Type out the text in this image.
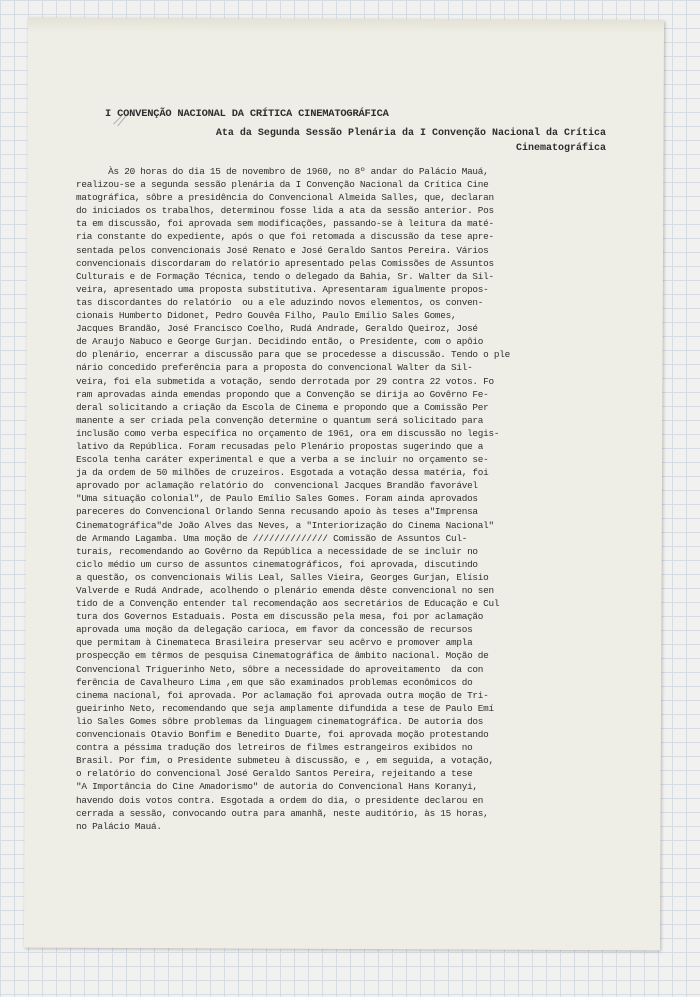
I CONVENÇÃO NACIONAL DA CRÍTICA CINEMATOGRÁFICA
Ata da Segunda Sessão Plenária da I Convenção Nacional da Crítica
Cinematográfica
Às 20 horas do dia 15 de novembro de 1960, no 8º andar do Palácio Mauá,
realizou-se a segunda sessão plenária da I Convenção Nacional da Crítica Cine
matográfica, sôbre a presidência do Convencional Almeida Salles, que, declaran
do iniciados os trabalhos, determinou fosse lida a ata da sessão anterior. Pos
ta em discussão, foi aprovada sem modificações, passando-se à leitura da maté-
ria constante do expediente, após o que foi retomada a discussão da tese apre-
sentada pelos convencionais José Renato e José Geraldo Santos Pereira. Vários
convencionais discordaram do relatório apresentado pelas Comissões de Assuntos
Culturais e de Formação Técnica, tendo o delegado da Bahia, Sr. Walter da Sil-
veira, apresentado uma proposta substitutiva. Apresentaram igualmente propos-
tas discordantes do relatório  ou a ele aduzindo novos elementos, os conven-
cionais Humberto Didonet, Pedro Gouvêa Filho, Paulo Emílio Sales Gomes,
Jacques Brandão, José Francisco Coelho, Rudá Andrade, Geraldo Queiroz, José
de Araujo Nabuco e George Gurjan. Decidindo então, o Presidente, com o apôio
do plenário, encerrar a discussão para que se procedesse a discussão. Tendo o ple
nário concedido preferência para a proposta do convencional Walter da Sil-
veira, foi ela submetida a votação, sendo derrotada por 29 contra 22 votos. Fo
ram aprovadas ainda emendas propondo que a Convenção se dirija ao Govêrno Fe-
deral solicitando a criação da Escola de Cinema e propondo que a Comissão Per
manente a ser criada pela convenção determine o quantum será solicitado para
inclusão como verba específica no orçamento de 1961, ora em discussão no legis-
lativo da República. Foram recusadas pelo Plenário propostas sugerindo que a
Escola tenha caráter experimental e que a verba a se incluir no orçamento se-
ja da ordem de 50 milhões de cruzeiros. Esgotada a votação dessa matéria, foi
aprovado por aclamação relatório do  convencional Jacques Brandão favorável
"Uma situação colonial", de Paulo Emílio Sales Gomes. Foram ainda aprovados
pareceres do Convencional Orlando Senna recusando apoio às teses a"Imprensa
Cinematográfica"de João Alves das Neves, a "Interiorização do Cinema Nacional"
de Armando Lagamba. Uma moção de ////////////// Comissão de Assuntos Cul-
turais, recomendando ao Govêrno da República a necessidade de se incluir no
ciclo médio um curso de assuntos cinematográficos, foi aprovada, discutindo
a questão, os convencionais Wilis Leal, Salles Vieira, Georges Gurjan, Elísio
Valverde e Rudá Andrade, acolhendo o plenário emenda dêste convencional no sen
tido de a Convenção entender tal recomendação aos secretários de Educação e Cul
tura dos Governos Estaduais. Posta em discussão pela mesa, foi por aclamação
aprovada uma moção da delegação carioca, em favor da concessão de recursos
que permitam à Cinemateca Brasileira preservar seu acêrvo e promover ampla
prospecção em têrmos de pesquisa Cinematográfica de âmbito nacional. Moção de
Convencional Triguerinho Neto, sôbre a necessidade do aproveitamento  da con
ferência de Cavalheuro Lima ,em que são examinados problemas econômicos do
cinema nacional, foi aprovada. Por aclamação foi aprovada outra moção de Tri-
gueirinho Neto, recomendando que seja amplamente difundida a tese de Paulo Emí
lio Sales Gomes sôbre problemas da linguagem cinematográfica. De autoria dos
convencionais Otavio Bonfim e Benedito Duarte, foi aprovada moção protestando
contra a péssima tradução dos letreiros de filmes estrangeiros exibidos no
Brasil. Por fim, o Presidente submeteu à discussão, e , em seguida, a votação,
o relatório do convencional José Geraldo Santos Pereira, rejeitando a tese
"A Importância do Cine Amadorismo" de autoria do Convencional Hans Koranyi,
havendo dois votos contra. Esgotada a ordem do dia, o presidente declarou en
cerrada a sessão, convocando outra para amanhã, neste auditório, às 15 horas,
no Palácio Mauá.
